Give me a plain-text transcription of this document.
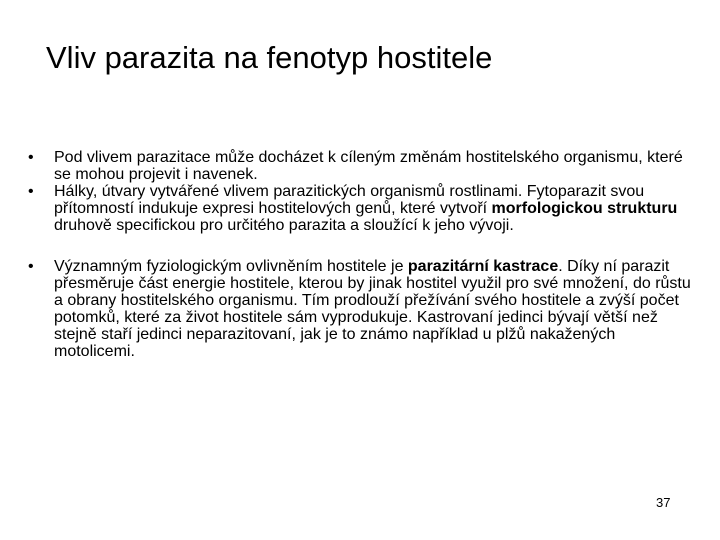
Vliv parazita na fenotyp hostitele
•	Pod vlivem parazitace může docházet k cíleným změnám hostitelského organismu, které se mohou projevit i navenek.
•	Hálky, útvary vytvářené vlivem parazitických organismů rostlinami. Fytoparazit svou přítomností indukuje expresi hostitelových genů, které vytvoří morfologickou strukturu druhově specifickou pro určitého parazita a sloužící k jeho vývoji.
•	Významným fyziologickým ovlivněním hostitele je parazitární kastrace. Díky ní parazit přesměruje část energie hostitele, kterou by jinak hostitel využil pro své množení, do růstu a obrany hostitelského organismu. Tím prodlouží přežívání svého hostitele a zvýší počet potomků, které za život hostitele sám vyprodukuje. Kastrovaní jedinci bývají větší než stejně staří jedinci neparazitovaní, jak je to známo například u plžů nakažených motolicemi.
37
